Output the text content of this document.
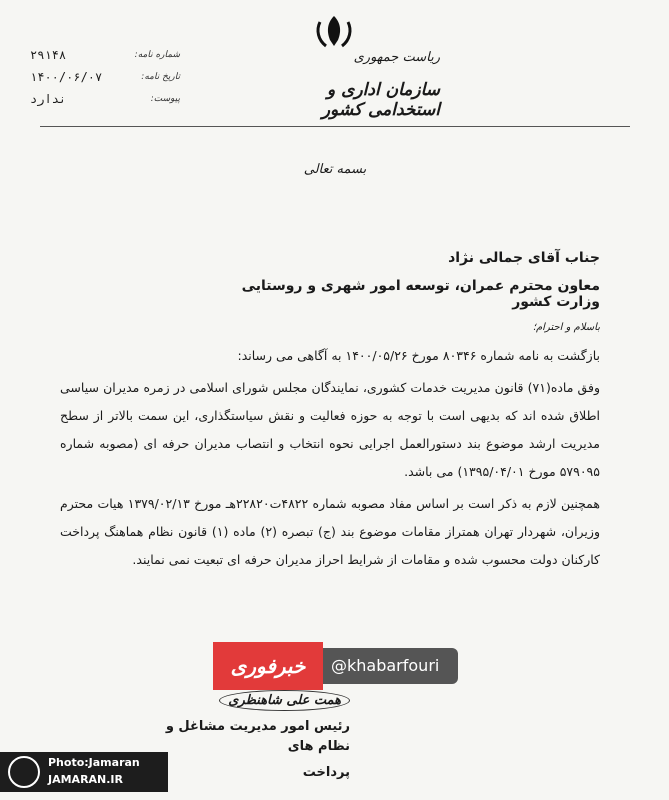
ریاست جمهوری
سازمان اداری و استخدامی کشور
شماره نامه:
۲۹۱۴۸
تاریخ نامه:
۱۴۰۰/۰۶/۰۷
پیوست:
ندارد
بسمه تعالی
جناب آقای جمالی نژاد
معاون محترم عمران، توسعه امور شهری و روستایی وزارت کشور
باسلام و احترام؛

بازگشت به نامه شماره ۸۰۳۴۶ مورخ ۱۴۰۰/۰۵/۲۶ به آگاهی می رساند:

وفق ماده(۷۱) قانون مدیریت خدمات کشوری، نمایندگان مجلس شورای اسلامی در زمره مدیران سیاسی اطلاق شده اند که بدیهی است با توجه به حوزه فعالیت و نقش سیاستگذاری، این سمت بالاتر از سطح مدیریت ارشد موضوع بند دستورالعمل اجرایی نحوه انتخاب و انتصاب مدیران حرفه ای (مصوبه شماره ۵۷۹۰۹۵ مورخ ۱۳۹۵/۰۴/۰۱) می باشد.

همچنین لازم به ذکر است بر اساس مفاد مصوبه شماره ۴۸۲۲ت۲۲۸۲۰هـ مورخ ۱۳۷۹/۰۲/۱۳ هیات محترم وزیران، شهردار تهران همتراز مقامات موضوع بند (ج) تبصره (۲) ماده (۱) قانون نظام هماهنگ پرداخت کارکنان دولت محسوب شده و مقامات از شرایط احراز مدیران حرفه ای تبعیت نمی نمایند.

خبرفوری	@khabarfouri
همت علی شاهنظری
رئیس امور مدیریت مشاغل و نظام های
پرداخت
Photo:Jamaran
JAMARAN.IR
